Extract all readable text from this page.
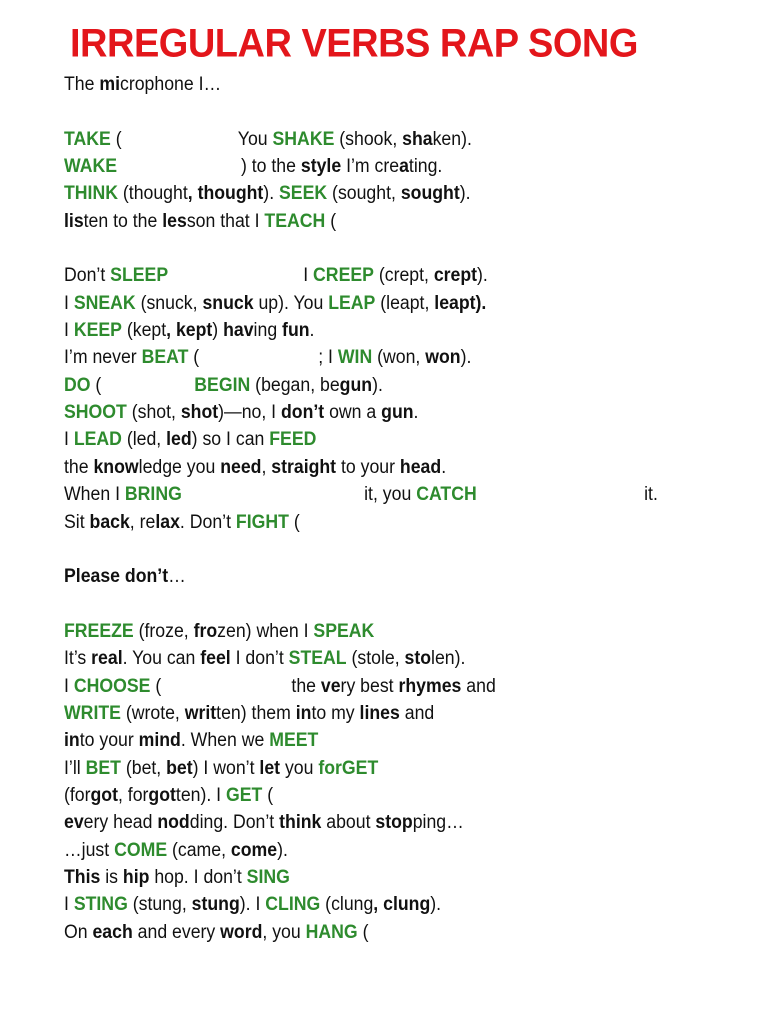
IRREGULAR VERBS RAP SONG
The microphone I…
TAKE (	You SHAKE (shook, shaken).
WAKE	) to the style I’m creating.
THINK (thought, thought). SEEK (sought, sought).
listen to the lesson that I TEACH (
Don’t SLEEP	I CREEP (crept, crept).
I SNEAK (snuck, snuck up). You LEAP (leapt, leapt).
I KEEP (kept, kept) having fun.
I’m never BEAT (	; I WIN (won, won).
DO (	BEGIN (began, begun).
SHOOT (shot, shot)—no, I don’t own a gun.
I LEAD (led, led) so I can FEED
the knowledge you need, straight to your head.
When I BRING	it, you CATCH	it.
Sit back, relax. Don’t FIGHT (
Please don’t…
FREEZE (froze, frozen) when I SPEAK
It’s real. You can feel I don’t STEAL (stole, stolen).
I CHOOSE (	the very best rhymes and
WRITE (wrote, written) them into my lines and
into your mind. When we MEET
I’ll BET (bet, bet) I won’t let you forGET
(forgot, forgotten). I GET (
every head nodding. Don’t think about stopping…
…just COME (came, come).
This is hip hop. I don’t SING
I STING (stung, stung). I CLING (clung, clung).
On each and every word, you HANG (
